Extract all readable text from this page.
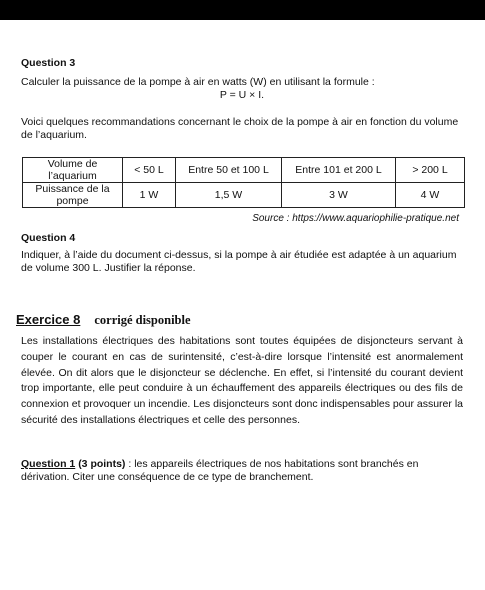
Question 3
Calculer la puissance de la pompe à air en watts (W) en utilisant la formule :
P = U × I.
Voici quelques recommandations concernant le choix de la pompe à air en fonction du volume de l’aquarium.
Volume de l’aquarium	< 50 L	Entre 50 et 100 L	Entre 101 et 200 L	> 200 L
Puissance de la pompe	1 W	1,5 W	3 W	4 W
Source : https://www.aquariophilie-pratique.net
Question 4
Indiquer, à l’aide du document ci-dessus, si la pompe à air étudiée est adaptée à un aquarium de volume 300 L. Justifier la réponse.
Exercice 8 corrigé disponible
Les installations électriques des habitations sont toutes équipées de disjoncteurs servant à couper le courant en cas de surintensité, c’est-à-dire lorsque l’intensité est anormalement élevée. On dit alors que le disjoncteur se déclenche. En effet, si l’intensité du courant devient trop importante, elle peut conduire à un échauffement des appareils électriques ou des fils de connexion et provoquer un incendie. Les disjoncteurs sont donc indispensables pour assurer la sécurité des installations électriques et celle des personnes.
Question 1 (3 points) : les appareils électriques de nos habitations sont branchés en dérivation. Citer une conséquence de ce type de branchement.
